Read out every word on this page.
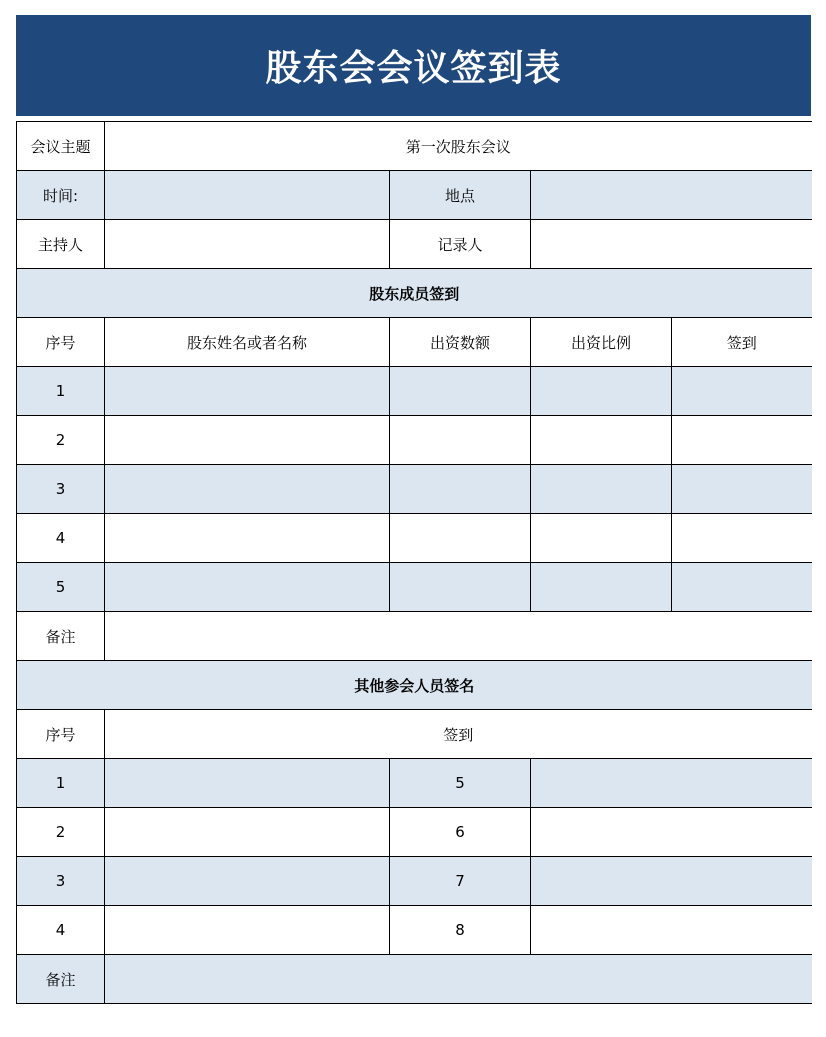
股东会会议签到表
会议主题	第一次股东会议			
时间:		地点		
主持人		记录人		
股东成员签到				
序号	股东姓名或者名称	出资数额	出资比例	签到
1				
2				
3				
4				
5				
备注				
其他参会人员签名				
序号	签到			
1		5		
2		6		
3		7		
4		8		
备注				
